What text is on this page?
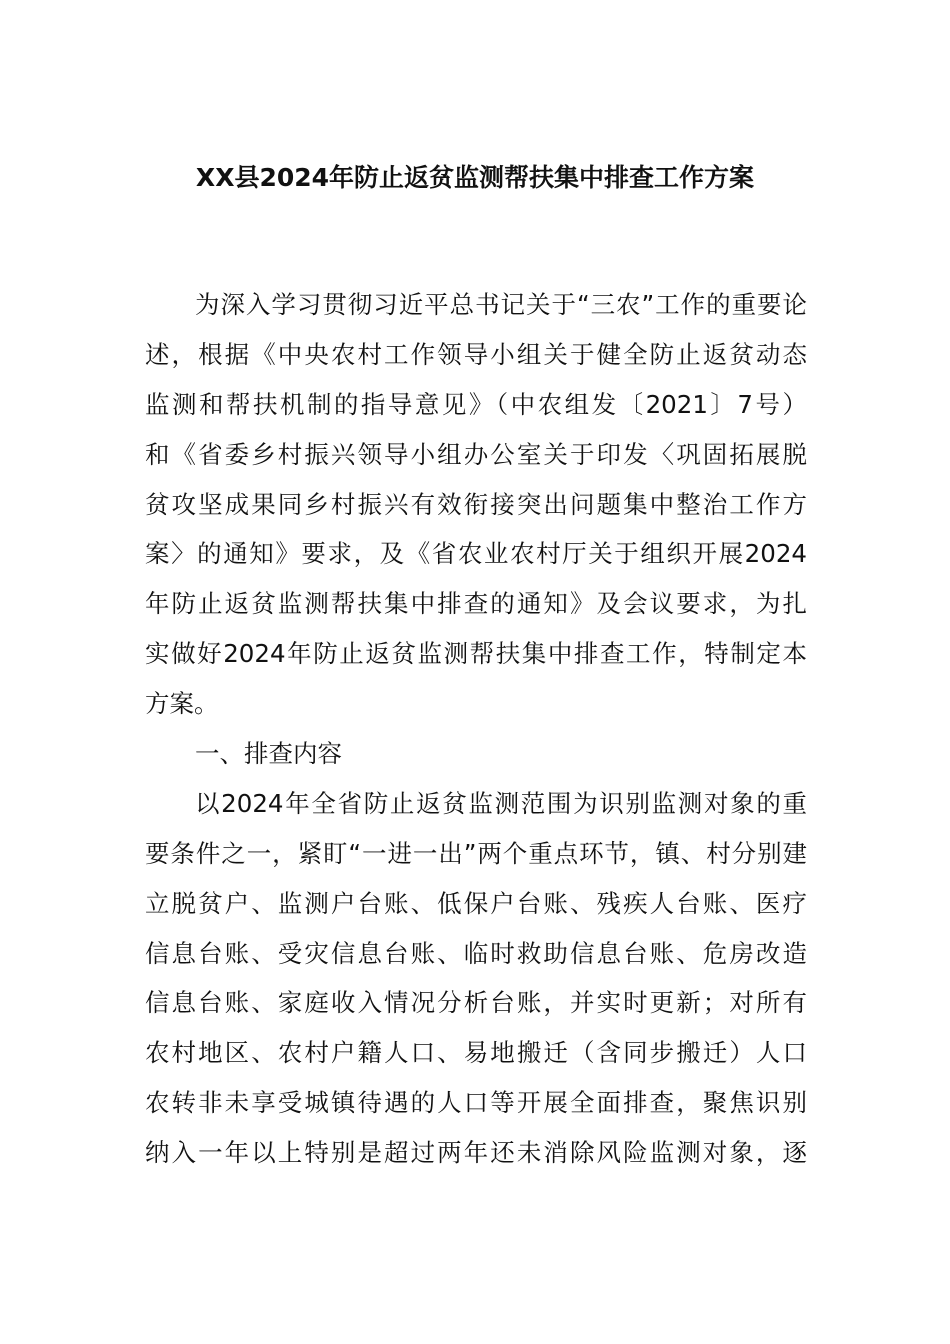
XX县2024年防止返贫监测帮扶集中排查工作方案
为深入学习贯彻习近平总书记关于“三农”工作的重要论
述，根据《中央农村工作领导小组关于健全防止返贫动态
监测和帮扶机制的指导意见》（中农组发〔2021〕7号）
和《省委乡村振兴领导小组办公室关于印发〈巩固拓展脱
贫攻坚成果同乡村振兴有效衔接突出问题集中整治工作方
案〉的通知》要求，及《省农业农村厅关于组织开展2024
年防止返贫监测帮扶集中排查的通知》及会议要求，为扎
实做好2024年防止返贫监测帮扶集中排查工作，特制定本
方案。
一、排查内容
以2024年全省防止返贫监测范围为识别监测对象的重
要条件之一，紧盯“一进一出”两个重点环节，镇、村分别建
立脱贫户、监测户台账、低保户台账、残疾人台账、医疗
信息台账、受灾信息台账、临时救助信息台账、危房改造
信息台账、家庭收入情况分析台账，并实时更新；对所有
农村地区、农村户籍人口、易地搬迁（含同步搬迁）人口
农转非未享受城镇待遇的人口等开展全面排查，聚焦识别
纳入一年以上特别是超过两年还未消除风险监测对象，逐
